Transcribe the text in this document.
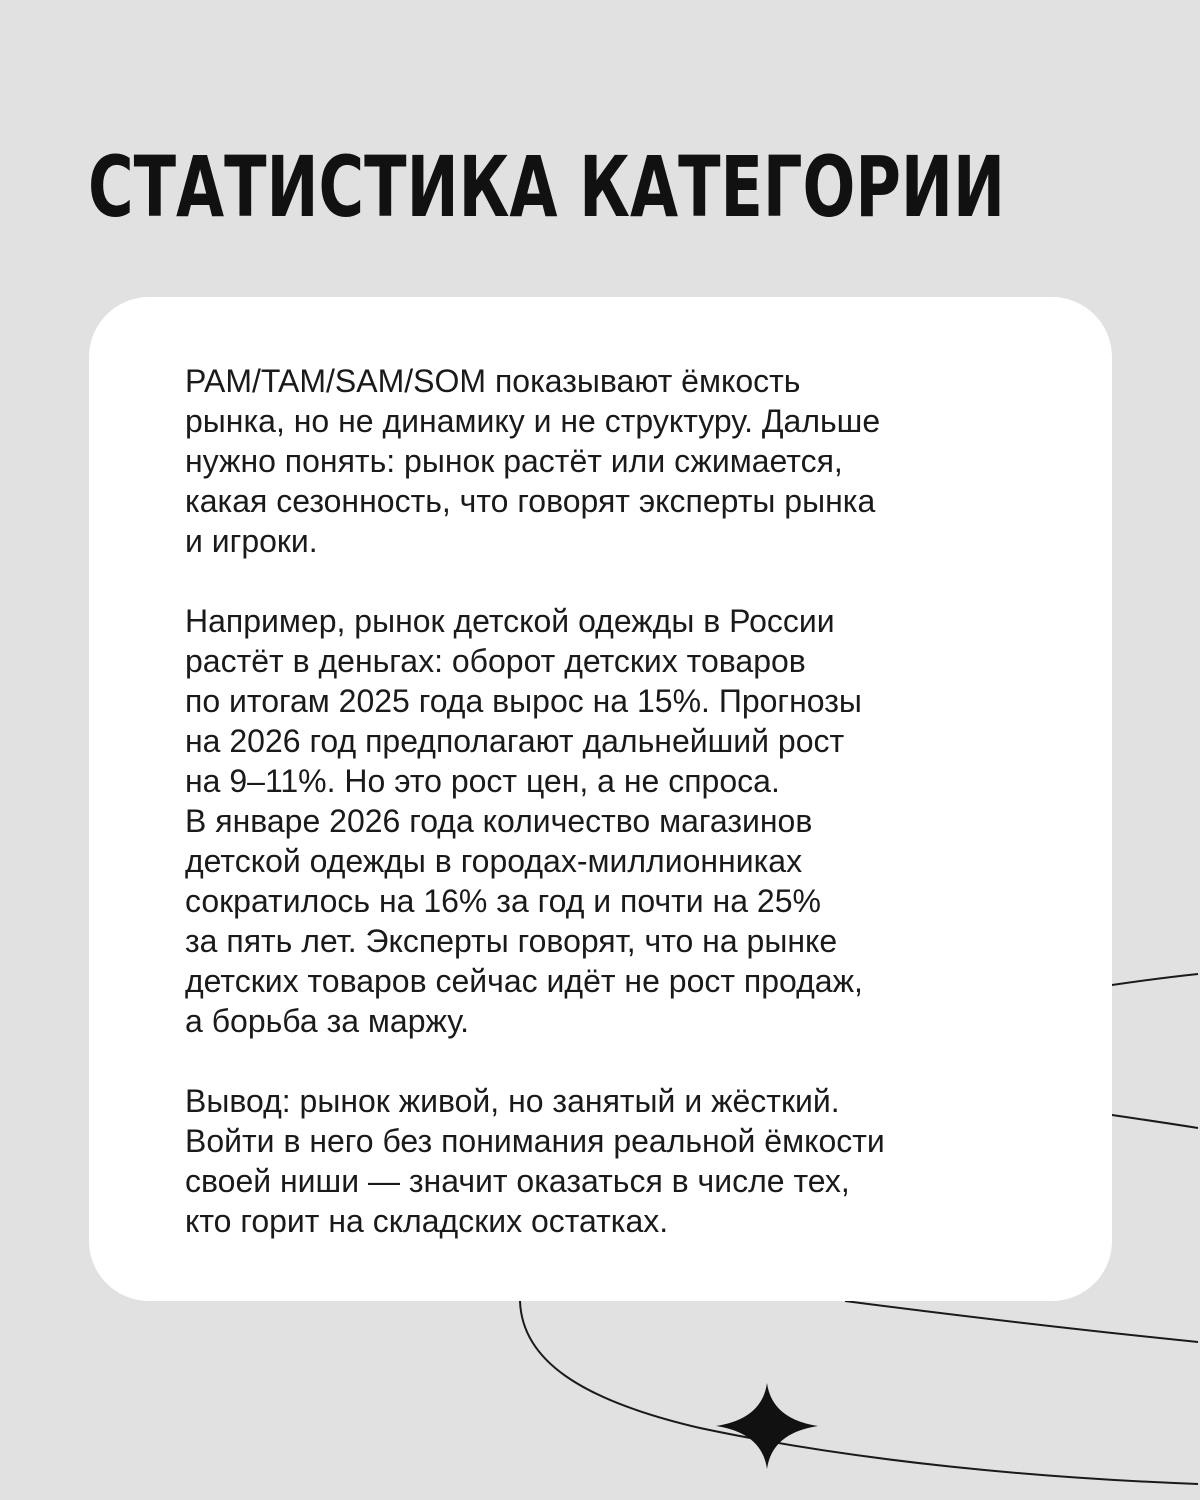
СТАТИСТИКА КАТЕГОРИИ

PAM/TAM/SAM/SOM показывают ёмкость
рынка, но не динамику и не структуру. Дальше
нужно понять: рынок растёт или сжимается,
какая сезонность, что говорят эксперты рынка
и игроки.

Например, рынок детской одежды в России
растёт в деньгах: оборот детских товаров
по итогам 2025 года вырос на 15%. Прогнозы
на 2026 год предполагают дальнейший рост
на 9–11%. Но это рост цен, а не спроса.
В январе 2026 года количество магазинов
детской одежды в городах-миллионниках
сократилось на 16% за год и почти на 25%
за пять лет. Эксперты говорят, что на рынке
детских товаров сейчас идёт не рост продаж,
а борьба за маржу.

Вывод: рынок живой, но занятый и жёсткий.
Войти в него без понимания реальной ёмкости
своей ниши — значит оказаться в числе тех,
кто горит на складских остатках.
